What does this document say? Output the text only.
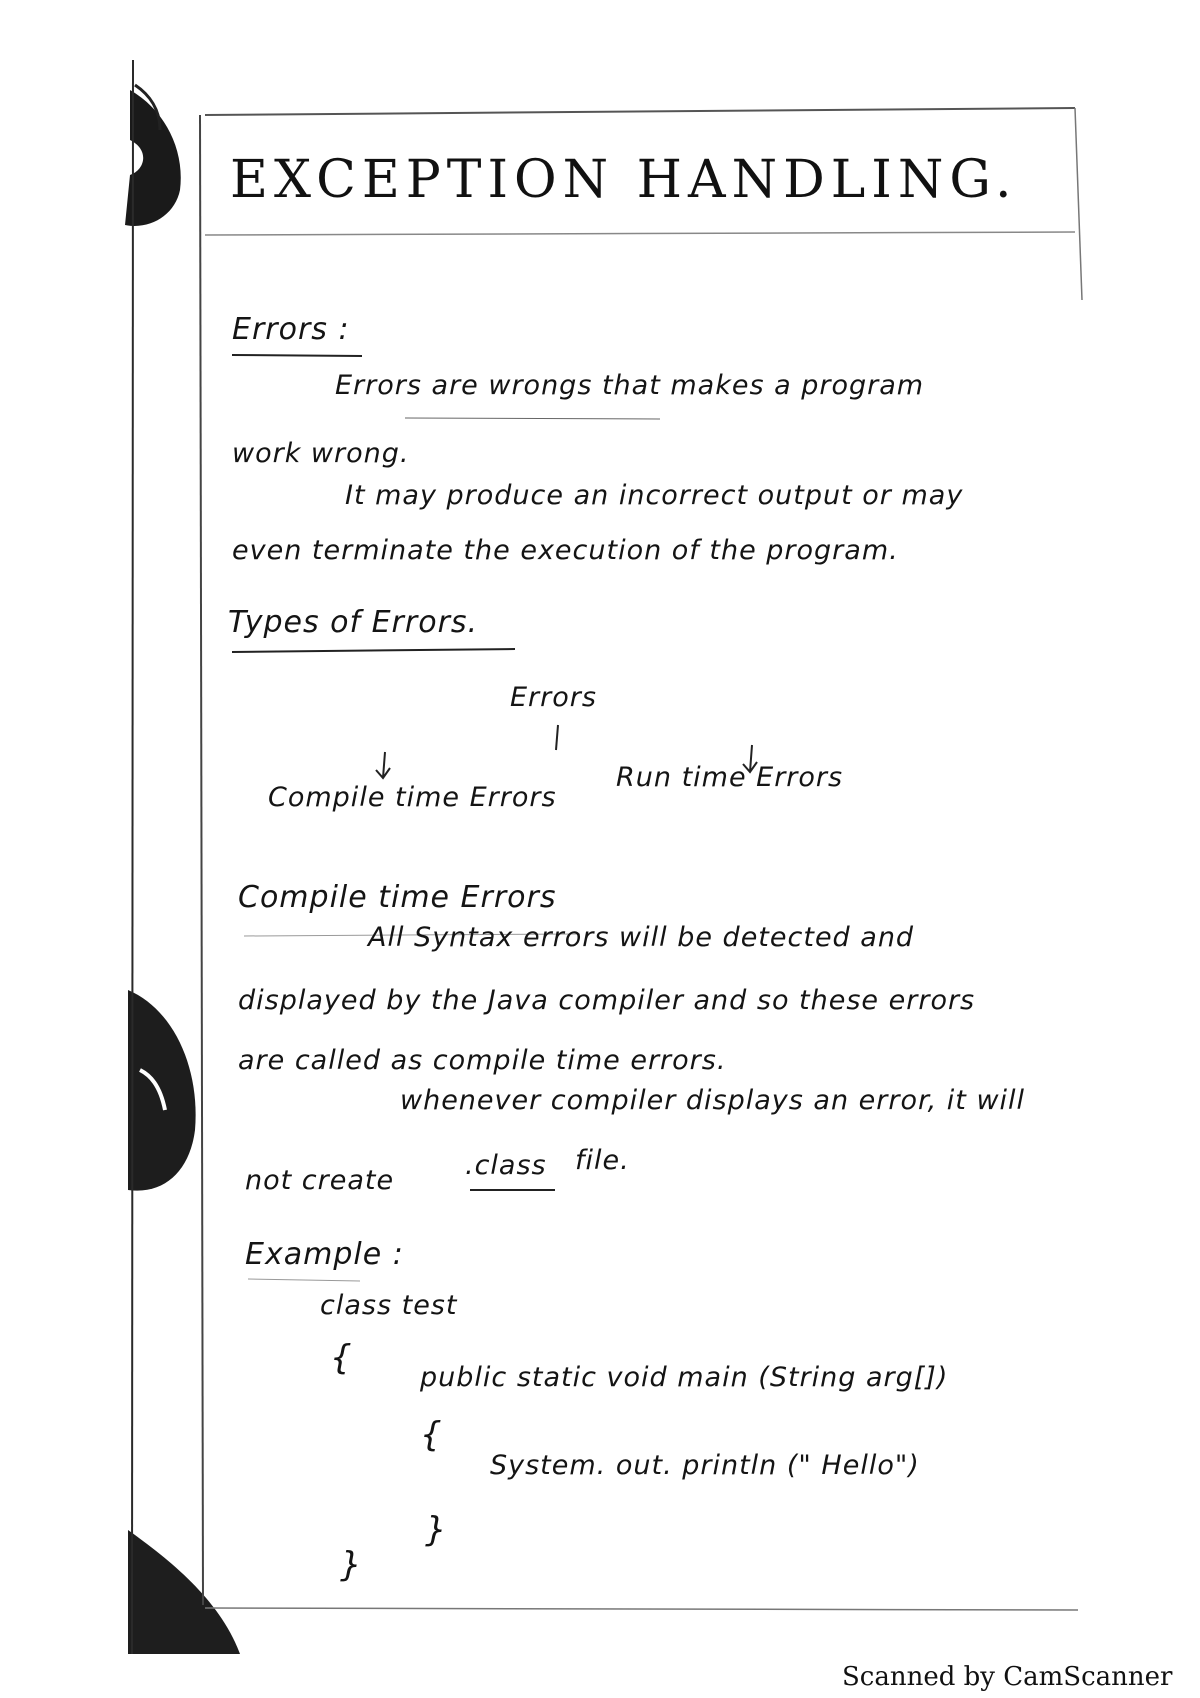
EXCEPTION HANDLING.
Errors :
Errors are wrongs that makes a program
work wrong.
It may produce an incorrect output or may
even terminate the execution of the program.
Types of Errors.
Errors
Compile time Errors
Run time Errors
Compile time Errors
All Syntax errors will be detected and
displayed by the Java compiler and so these errors
are called as compile time errors.
whenever compiler displays an error, it will
not create	.class file.
Example :
class test
{ public static void main (String arg[])
{
System. out. println (" Hello")
}
}
Scanned by CamScanner
